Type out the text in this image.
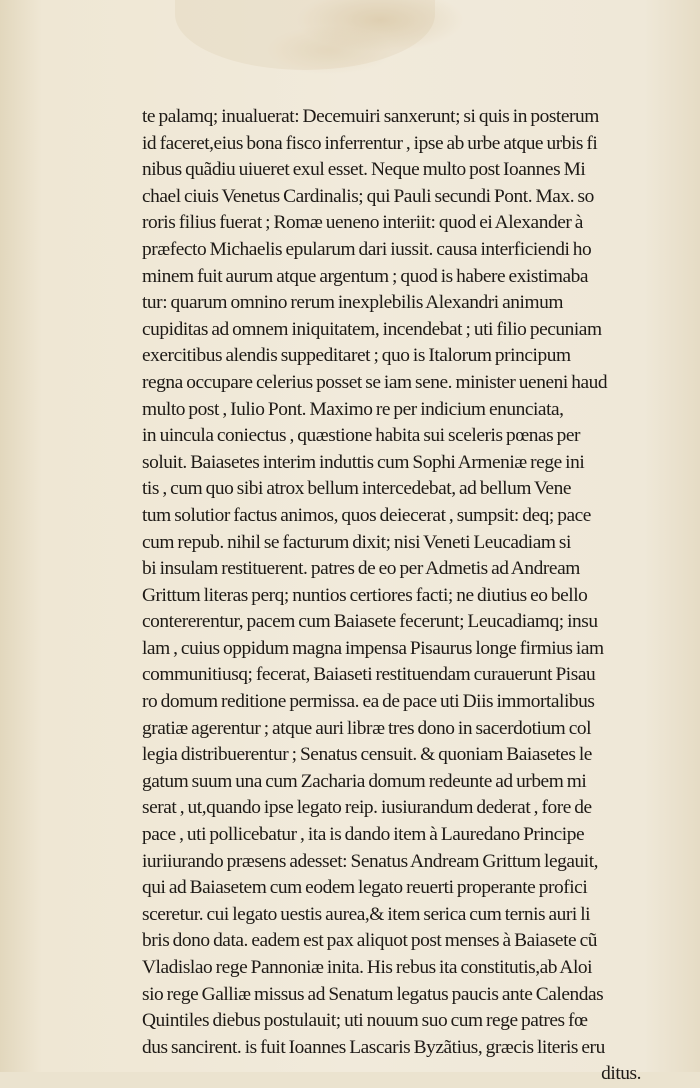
te palamq; inualuerat: Decemuiri sanxerunt; si quis in posterum
id faceret,eius bona fisco inferrentur , ipse ab urbe atque urbis fi
nibus quãdiu uiueret exul esset. Neque multo post Ioannes Mi
chael ciuis Venetus Cardinalis; qui Pauli secundi Pont. Max. so
roris filius fuerat ; Romæ ueneno interiit: quod ei Alexander à
præfecto Michaelis epularum dari iussit. causa interficiendi ho
minem fuit aurum atque argentum ; quod is habere existimaba
tur: quarum omnino rerum inexplebilis Alexandri animum
cupiditas ad omnem iniquitatem, incendebat ; uti filio pecuniam
exercitibus alendis suppeditaret ; quo is Italorum principum
regna occupare celerius posset se iam sene. minister ueneni haud
multo post , Iulio Pont. Maximo re per indicium enunciata,
in uincula coniectus , quæstione habita sui sceleris pœnas per
soluit. Baiasetes interim induttis cum Sophi Armeniæ rege ini
tis , cum quo sibi atrox bellum intercedebat, ad bellum Vene
tum solutior factus animos, quos deiecerat , sumpsit: deq; pace
cum repub. nihil se facturum dixit; nisi Veneti Leucadiam si
bi insulam restituerent. patres de eo per Admetis ad Andream
Grittum literas perq; nuntios certiores facti; ne diutius eo bello
contererentur, pacem cum Baiasete fecerunt; Leucadiamq; insu
lam , cuius oppidum magna impensa Pisaurus longe firmius iam
communitiusq; fecerat, Baiaseti restituendam curauerunt Pisau
ro domum reditione permissa. ea de pace uti Diis immortalibus
gratiæ agerentur ; atque auri libræ tres dono in sacerdotium col
legia distribuerentur ; Senatus censuit. & quoniam Baiasetes le
gatum suum una cum Zacharia domum redeunte ad urbem mi
serat , ut,quando ipse legato reip. iusiurandum dederat , fore de
pace , uti pollicebatur , ita is dando item à Lauredano Principe
iuriiurando præsens adesset: Senatus Andream Grittum legauit,
qui ad Baiasetem cum eodem legato reuerti properante profici
sceretur. cui legato uestis aurea,& item serica cum ternis auri li
bris dono data. eadem est pax aliquot post menses à Baiasete cũ
Vladislao rege Pannoniæ inita. His rebus ita constitutis,ab Aloi
sio rege Galliæ missus ad Senatum legatus paucis ante Calendas
Quintiles diebus postulauit; uti nouum suo cum rege patres fœ
dus sancirent. is fuit Ioannes Lascaris Byzãtius, græcis literis eru
ditus.
